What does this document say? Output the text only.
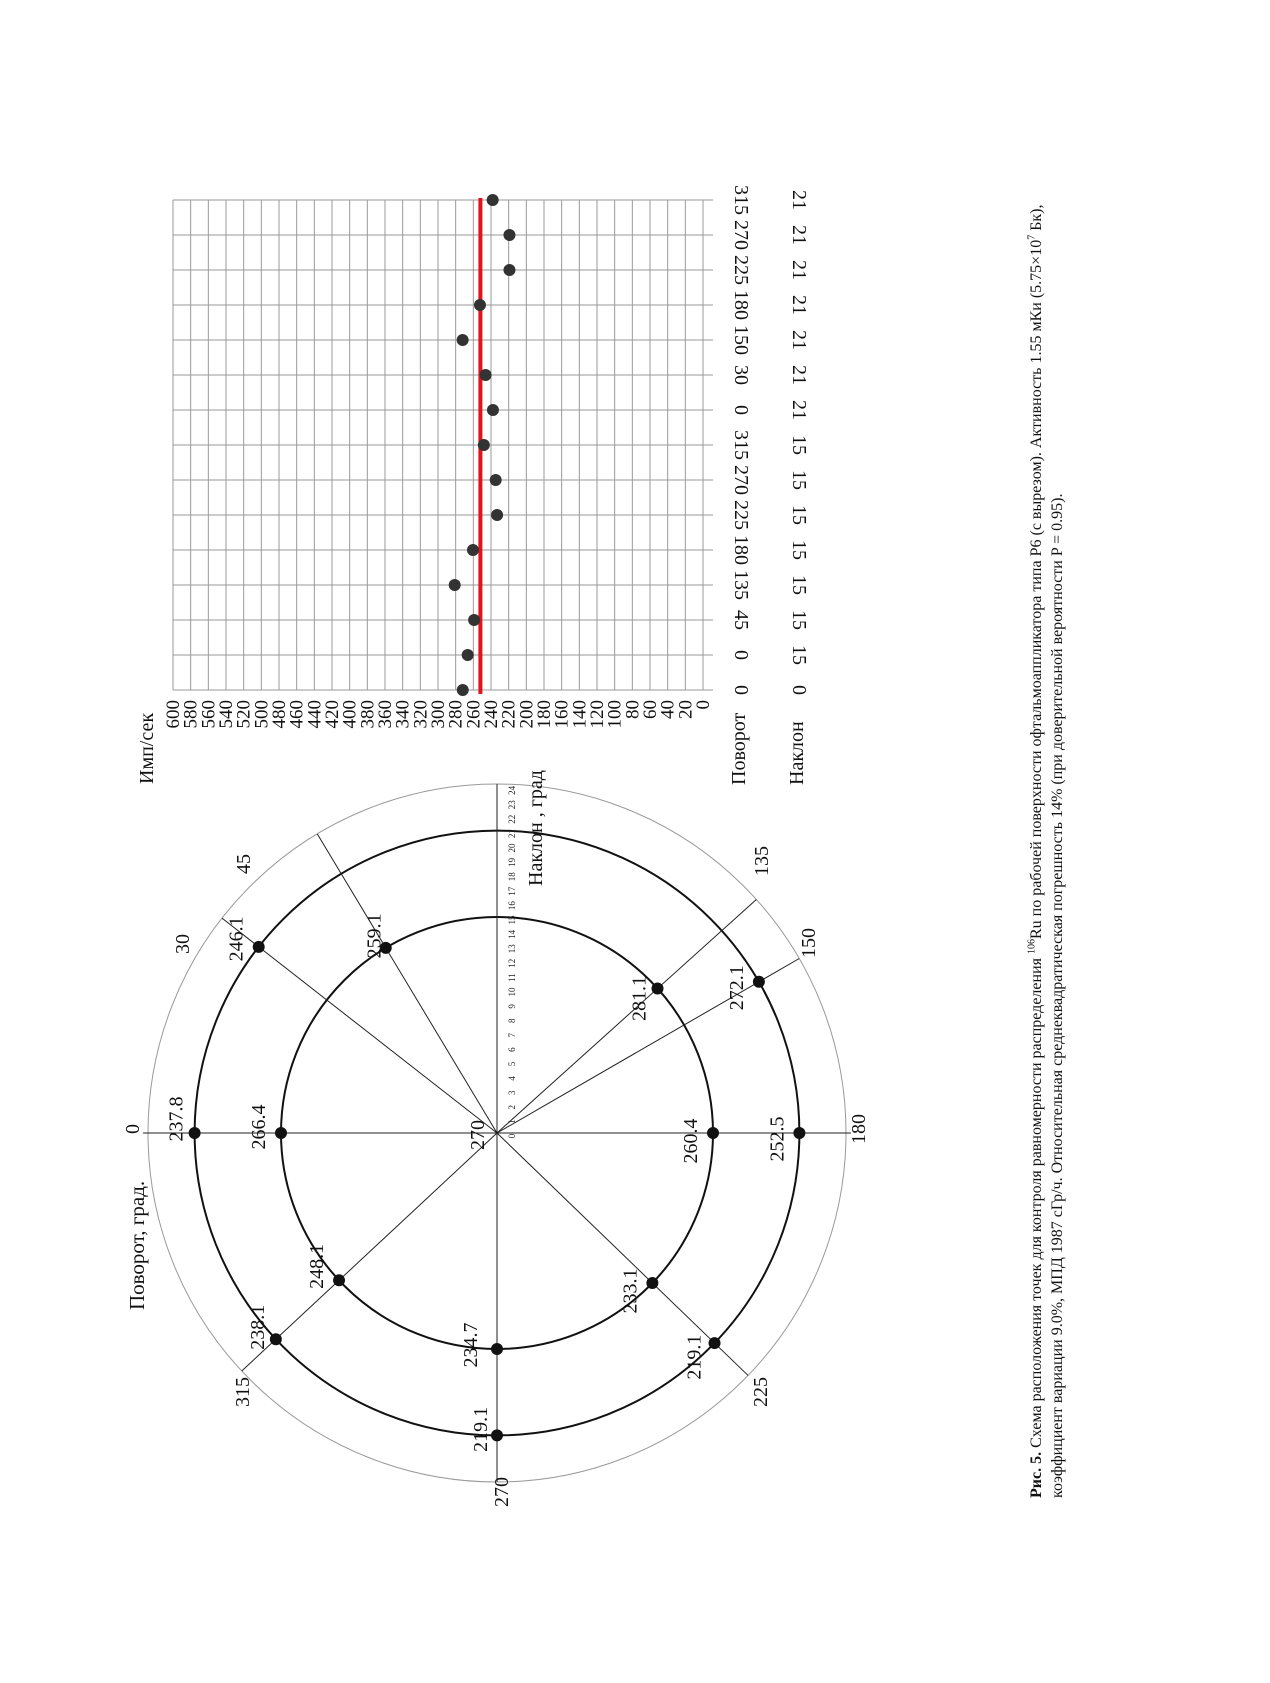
0
30
45	135
150
180
225
270
315
Поворот, град.
Наклон , град
270 0
1
2
3
4
5
6
7
8
9
10
11
12
13
14
15
16
17
18
19
20
21
22
23
24
266.4
259.1
281.1
260.4
233.1
234.7
248.1
237.8
246.1
272.1
252.5
219.1
219.1
238.1
0
20
40
60
80
100
120
140
160
180
200
220
240
260
280
300
320
340
360
380
400
420
440
460
480
500
520
540
560
580
600
Имп/сек	Поворот Наклон
0 0
0 15
45 15
135 15
180 15
225 15
270 15
315 15
0 21
30 21
150 21
180 21
225 21
270 21
315 21
Рис. 5. Схема расположения точек для контроля равномерности распределения $^{106}$Ru по рабочей поверхности офтальмоаппликатора типа Р6 (с вырезом). Активность 1.55 мКи ($5.75\times 10^7$ Бк), коэффициент вариации 9.0%, МПД 1987 сГр/ч. Относительная среднеквадратическая погрешность 14% (при доверительной вероятности P = 0.95).
